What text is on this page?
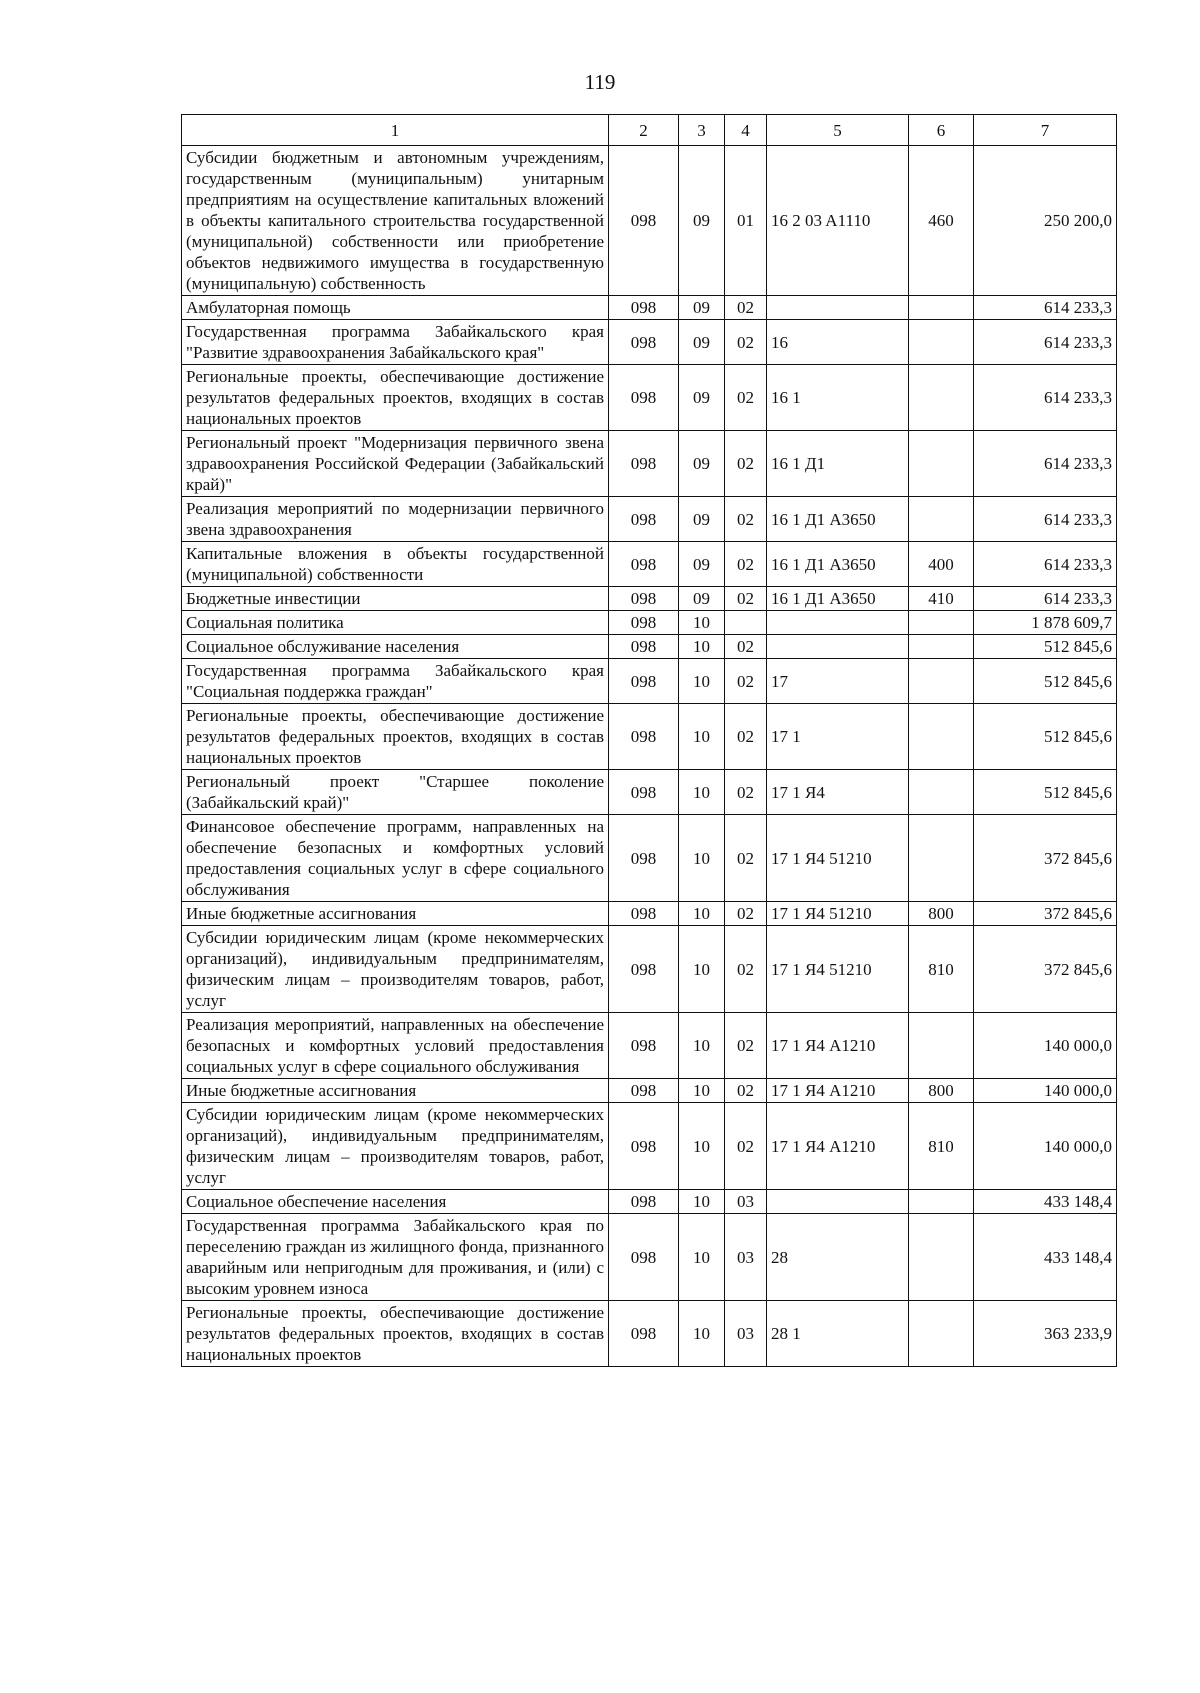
119
1	2	3	4	5	6	7
Субсидии бюджетным и автономным учреждениям, государственным (муниципальным) унитарным предприятиям на осуществление капитальных вложений в объекты капитального строительства государственной (муниципальной) собственности или приобретение объектов недвижимого имущества в государственную (муниципальную) собственность	098	09	01	16 2 03 A1110	460	250 200,0
Амбулаторная помощь	098	09	02			614 233,3
Государственная программа Забайкальского края "Развитие здравоохранения Забайкальского края"	098	09	02	16		614 233,3
Региональные проекты, обеспечивающие достижение результатов федеральных проектов, входящих в состав национальных проектов	098	09	02	16 1		614 233,3
Региональный проект "Модернизация первичного звена здравоохранения Российской Федерации (Забайкальский край)"	098	09	02	16 1 Д1		614 233,3
Реализация мероприятий по модернизации первичного звена здравоохранения	098	09	02	16 1 Д1 A3650		614 233,3
Капитальные вложения в объекты государственной (муниципальной) собственности	098	09	02	16 1 Д1 A3650	400	614 233,3
Бюджетные инвестиции	098	09	02	16 1 Д1 A3650	410	614 233,3
Социальная политика	098	10				1 878 609,7
Социальное обслуживание населения	098	10	02			512 845,6
Государственная программа Забайкальского края "Социальная поддержка граждан"	098	10	02	17		512 845,6
Региональные проекты, обеспечивающие достижение результатов федеральных проектов, входящих в состав национальных проектов	098	10	02	17 1		512 845,6
Региональный проект "Старшее поколение (Забайкальский край)"	098	10	02	17 1 Я4		512 845,6
Финансовое обеспечение программ, направленных на обеспечение безопасных и комфортных условий предоставления социальных услуг в сфере социального обслуживания	098	10	02	17 1 Я4 51210		372 845,6
Иные бюджетные ассигнования	098	10	02	17 1 Я4 51210	800	372 845,6
Субсидии юридическим лицам (кроме некоммерческих организаций), индивидуальным предпринимателям, физическим лицам – производителям товаров, работ, услуг	098	10	02	17 1 Я4 51210	810	372 845,6
Реализация мероприятий, направленных на обеспечение безопасных и комфортных условий предоставления социальных услуг в сфере социального обслуживания	098	10	02	17 1 Я4 A1210		140 000,0
Иные бюджетные ассигнования	098	10	02	17 1 Я4 A1210	800	140 000,0
Субсидии юридическим лицам (кроме некоммерческих организаций), индивидуальным предпринимателям, физическим лицам – производителям товаров, работ, услуг	098	10	02	17 1 Я4 A1210	810	140 000,0
Социальное обеспечение населения	098	10	03			433 148,4
Государственная программа Забайкальского края по переселению граждан из жилищного фонда, признанного аварийным или непригодным для проживания, и (или) с высоким уровнем износа	098	10	03	28		433 148,4
Региональные проекты, обеспечивающие достижение результатов федеральных проектов, входящих в состав национальных проектов	098	10	03	28 1		363 233,9
